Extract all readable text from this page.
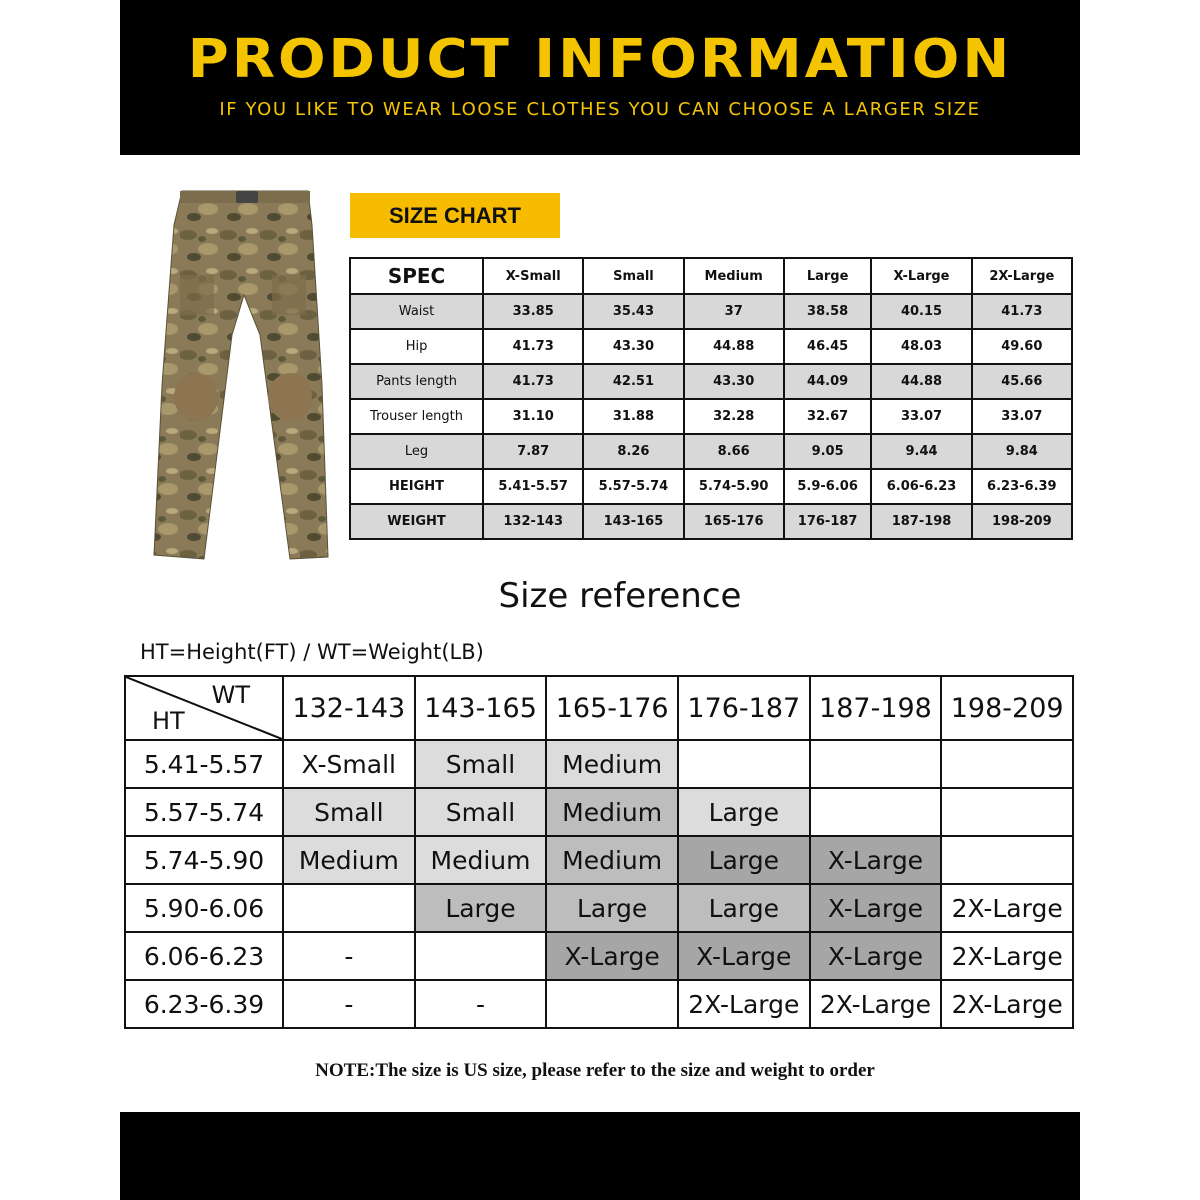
PRODUCT INFORMATION
IF YOU LIKE TO WEAR LOOSE CLOTHES YOU CAN CHOOSE A LARGER SIZE
SIZE CHART
SPEC	X-Small	Small	Medium	Large	X-Large	2X-Large
Waist	33.85	35.43	37	38.58	40.15	41.73
Hip	41.73	43.30	44.88	46.45	48.03	49.60
Pants length	41.73	42.51	43.30	44.09	44.88	45.66
Trouser length	31.10	31.88	32.28	32.67	33.07	33.07
Leg	7.87	8.26	8.66	9.05	9.44	9.84
HEIGHT	5.41-5.57	5.57-5.74	5.74-5.90	5.9-6.06	6.06-6.23	6.23-6.39
WEIGHT	132-143	143-165	165-176	176-187	187-198	198-209
Size reference
HT=Height(FT) / WT=Weight(LB)
WT
HT	132-143	143-165	165-176	176-187	187-198	198-209
5.41-5.57	X-Small	Small	Medium			
5.57-5.74	Small	Small	Medium	Large		
5.74-5.90	Medium	Medium	Medium	Large	X-Large	
5.90-6.06		Large	Large	Large	X-Large	2X-Large
6.06-6.23	-		X-Large	X-Large	X-Large	2X-Large
6.23-6.39	-	-		2X-Large	2X-Large	2X-Large
NOTE:The size is US size, please refer to the size and weight to order
